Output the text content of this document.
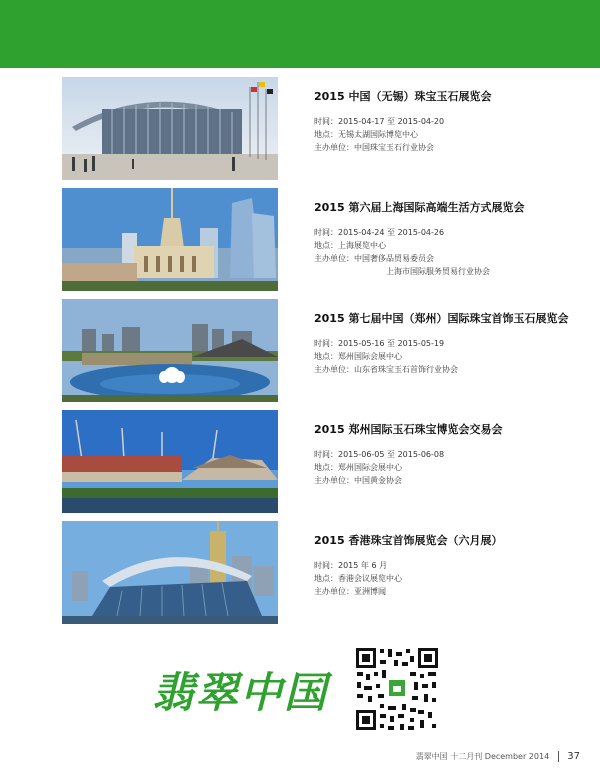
2015 中国（无锡）珠宝玉石展览会
时间：2015-04-17 至 2015-04-20
地点：无锡太湖国际博览中心
主办单位：中国珠宝玉石行业协会
2015 第六届上海国际高端生活方式展览会
时间：2015-04-24 至 2015-04-26
地点：上海展览中心
主办单位：中国奢侈品贸易委员会
上海市国际服务贸易行业协会
2015 第七届中国（郑州）国际珠宝首饰玉石展览会
时间：2015-05-16 至 2015-05-19
地点：郑州国际会展中心
主办单位：山东省珠宝玉石首饰行业协会
2015 郑州国际玉石珠宝博览会交易会
时间：2015-06-05 至 2015-06-08
地点：郑州国际会展中心
主办单位：中国黄金协会
2015 香港珠宝首饰展览会（六月展）
时间：2015 年 6 月
地点：香港会议展览中心
主办单位：亚洲博闻
翡翠中国
翡翠中国 十二月刊 December 2014 37
